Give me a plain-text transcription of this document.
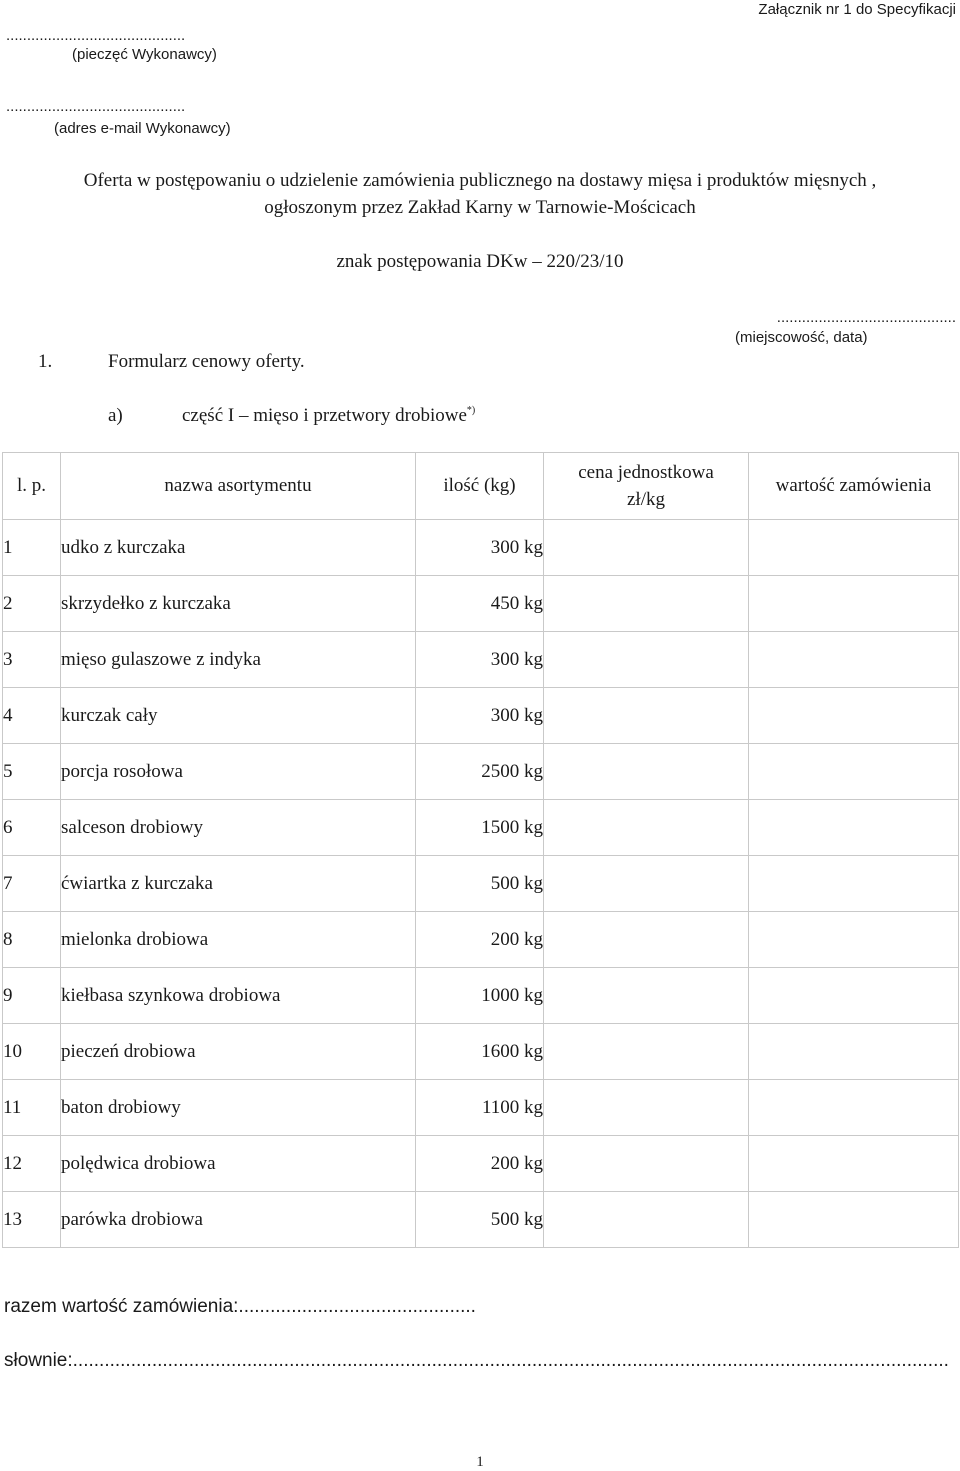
Załącznik nr 1 do Specyfikacji
...........................................
(pieczęć Wykonawcy)
...........................................
(adres e-mail Wykonawcy)
Oferta w postępowaniu o udzielenie zamówienia publicznego na dostawy mięsa i produktów mięsnych ,
ogłoszonym przez Zakład Karny w Tarnowie-Mościcach
znak postępowania DKw – 220/23/10
...........................................
(miejscowość, data)
1.	Formularz cenowy oferty.
a)	część I – mięso i przetwory drobiowe*)
l. p.	nazwa asortymentu	ilość (kg)	cena jednostkowa
zł/kg	wartość zamówienia
1	udko z kurczaka	300 kg		
2	skrzydełko z kurczaka	450 kg		
3	mięso gulaszowe z indyka	300 kg		
4	kurczak cały	300 kg		
5	porcja rosołowa	2500 kg		
6	salceson drobiowy	1500 kg		
7	ćwiartka z kurczaka	500 kg		
8	mielonka drobiowa	200 kg		
9	kiełbasa szynkowa drobiowa	1000 kg		
10	pieczeń drobiowa	1600 kg		
11	baton drobiowy	1100 kg		
12	polędwica drobiowa	200 kg		
13	parówka drobiowa	500 kg		
razem wartość zamówienia:.............................................
słownie:......................................................................................................................................................................
1
